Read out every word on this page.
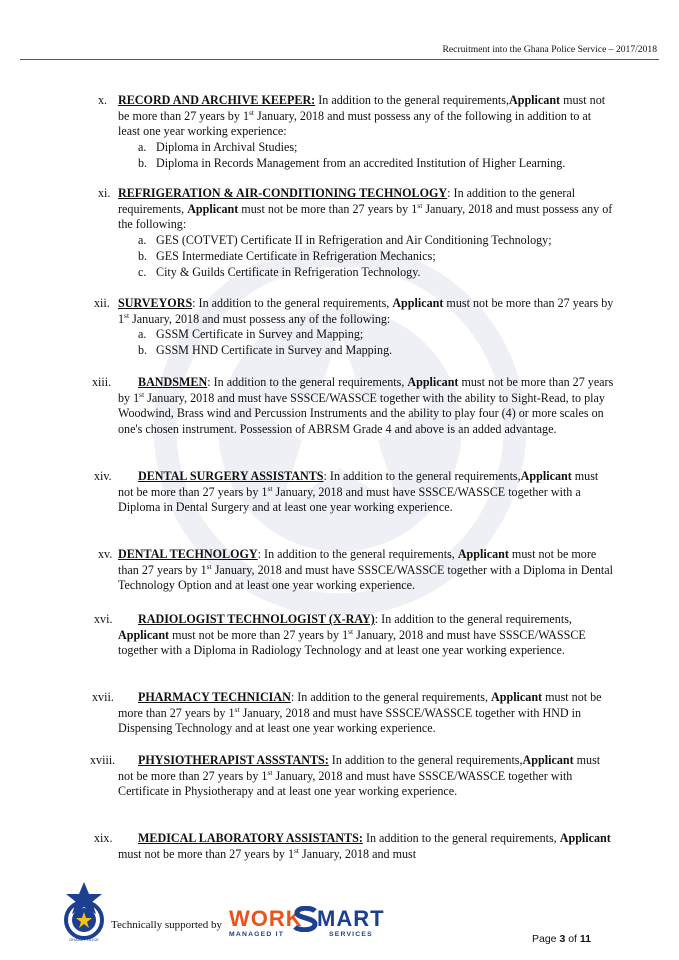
Recruitment into the Ghana Police Service – 2017/2018
x. RECORD AND ARCHIVE KEEPER: In addition to the general requirements,Applicant must not be more than 27 years by 1st January, 2018 and must possess any of the following in addition to at least one year working experience:
a. Diploma in Archival Studies;
b. Diploma in Records Management from an accredited Institution of Higher Learning.
xi. REFRIGERATION & AIR-CONDITIONING TECHNOLOGY: In addition to the general requirements, Applicant must not be more than 27 years by 1st January, 2018 and must possess any of the following:
a. GES (COTVET) Certificate II in Refrigeration and Air Conditioning Technology;
b. GES Intermediate Certificate in Refrigeration Mechanics;
c. City & Guilds Certificate in Refrigeration Technology.
xii. SURVEYORS: In addition to the general requirements, Applicant must not be more than 27 years by 1st January, 2018 and must possess any of the following:
a. GSSM Certificate in Survey and Mapping;
b. GSSM HND Certificate in Survey and Mapping.
xiii.	BANDSMEN: In addition to the general requirements, Applicant must not be more than 27 years by 1st January, 2018 and must have SSSCE/WASSCE together with the ability to Sight-Read, to play Woodwind, Brass wind and Percussion Instruments and the ability to play four (4) or more scales on one's chosen instrument. Possession of ABRSM Grade 4 and above is an added advantage.
xiv.	DENTAL SURGERY ASSISTANTS: In addition to the general requirements,Applicant must not be more than 27 years by 1st January, 2018 and must have SSSCE/WASSCE together with a Diploma in Dental Surgery and at least one year working experience.
xv. DENTAL TECHNOLOGY: In addition to the general requirements, Applicant must not be more than 27 years by 1st January, 2018 and must have SSSCE/WASSCE together with a Diploma in Dental Technology Option and at least one year working experience.
xvi.	RADIOLOGIST TECHNOLOGIST (X-RAY): In addition to the general requirements, Applicant must not be more than 27 years by 1st January, 2018 and must have SSSCE/WASSCE together with a Diploma in Radiology Technology and at least one year working experience.
xvii.	PHARMACY TECHNICIAN: In addition to the general requirements, Applicant must not be more than 27 years by 1st January, 2018 and must have SSSCE/WASSCE together with HND in Dispensing Technology and at least one year working experience.
xviii.	PHYSIOTHERAPIST ASSSTANTS: In addition to the general requirements,Applicant must not be more than 27 years by 1st January, 2018 and must have SSSCE/WASSCE together with Certificate in Physiotherapy and at least one year working experience.
xix.	MEDICAL LABORATORY ASSISTANTS: In addition to the general requirements, Applicant must not be more than 27 years by 1st January, 2018 and must
GHANA POLICE
Technically supported by WORK MART
MANAGED IT	SERVICES	Page 3 of 11
